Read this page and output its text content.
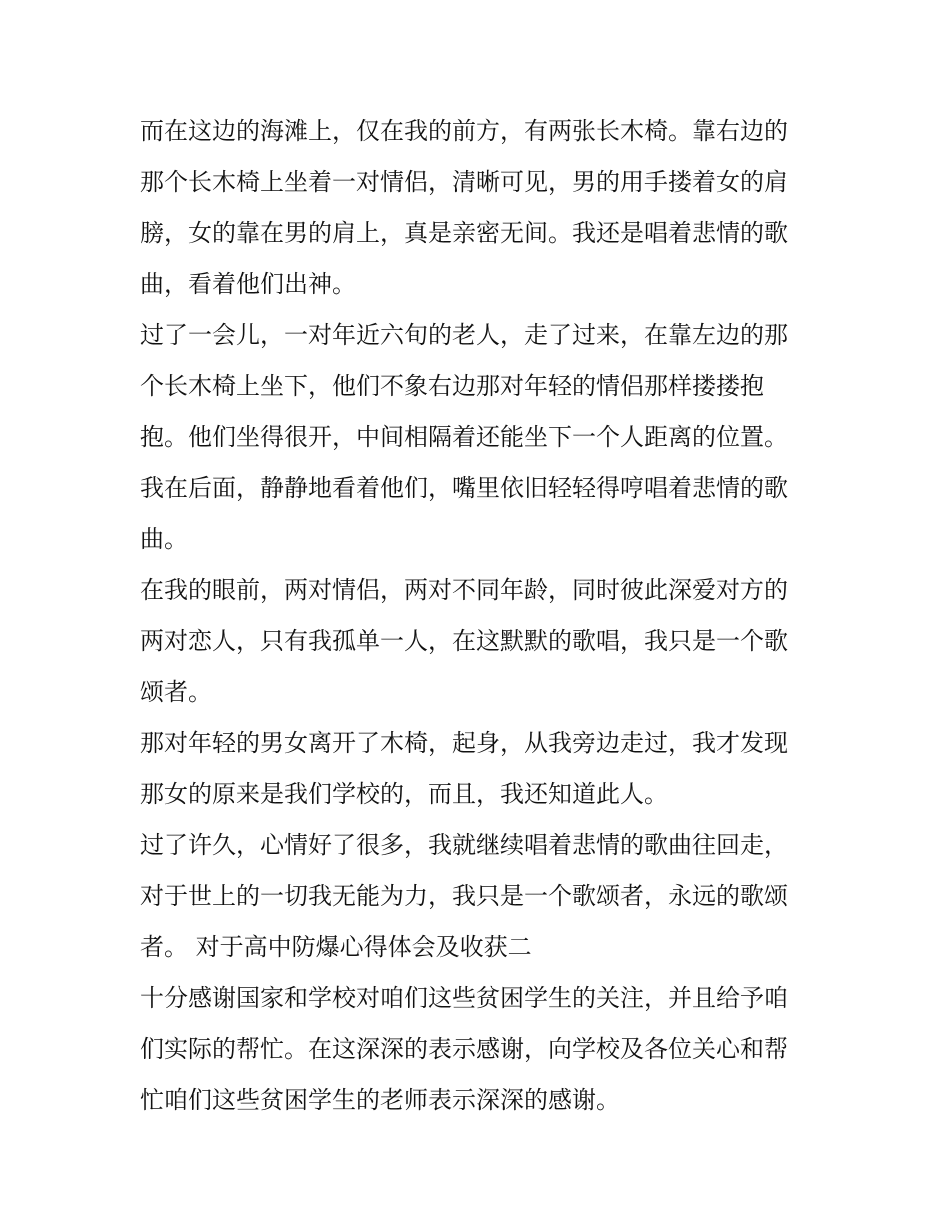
而在这边的海滩上，仅在我的前方，有两张长木椅。靠右边的
那个长木椅上坐着一对情侣，清晰可见，男的用手搂着女的肩
膀，女的靠在男的肩上，真是亲密无间。我还是唱着悲情的歌
曲，看着他们出神。
过了一会儿，一对年近六旬的老人，走了过来，在靠左边的那
个长木椅上坐下，他们不象右边那对年轻的情侣那样搂搂抱
抱。他们坐得很开，中间相隔着还能坐下一个人距离的位置。
我在后面，静静地看着他们，嘴里依旧轻轻得哼唱着悲情的歌
曲。
在我的眼前，两对情侣，两对不同年龄，同时彼此深爱对方的
两对恋人，只有我孤单一人，在这默默的歌唱，我只是一个歌
颂者。
那对年轻的男女离开了木椅，起身，从我旁边走过，我才发现
那女的原来是我们学校的，而且，我还知道此人。
过了许久，心情好了很多，我就继续唱着悲情的歌曲往回走，
对于世上的一切我无能为力，我只是一个歌颂者，永远的歌颂
者。 对于高中防爆心得体会及收获二
十分感谢国家和学校对咱们这些贫困学生的关注，并且给予咱
们实际的帮忙。在这深深的表示感谢，向学校及各位关心和帮
忙咱们这些贫困学生的老师表示深深的感谢。
